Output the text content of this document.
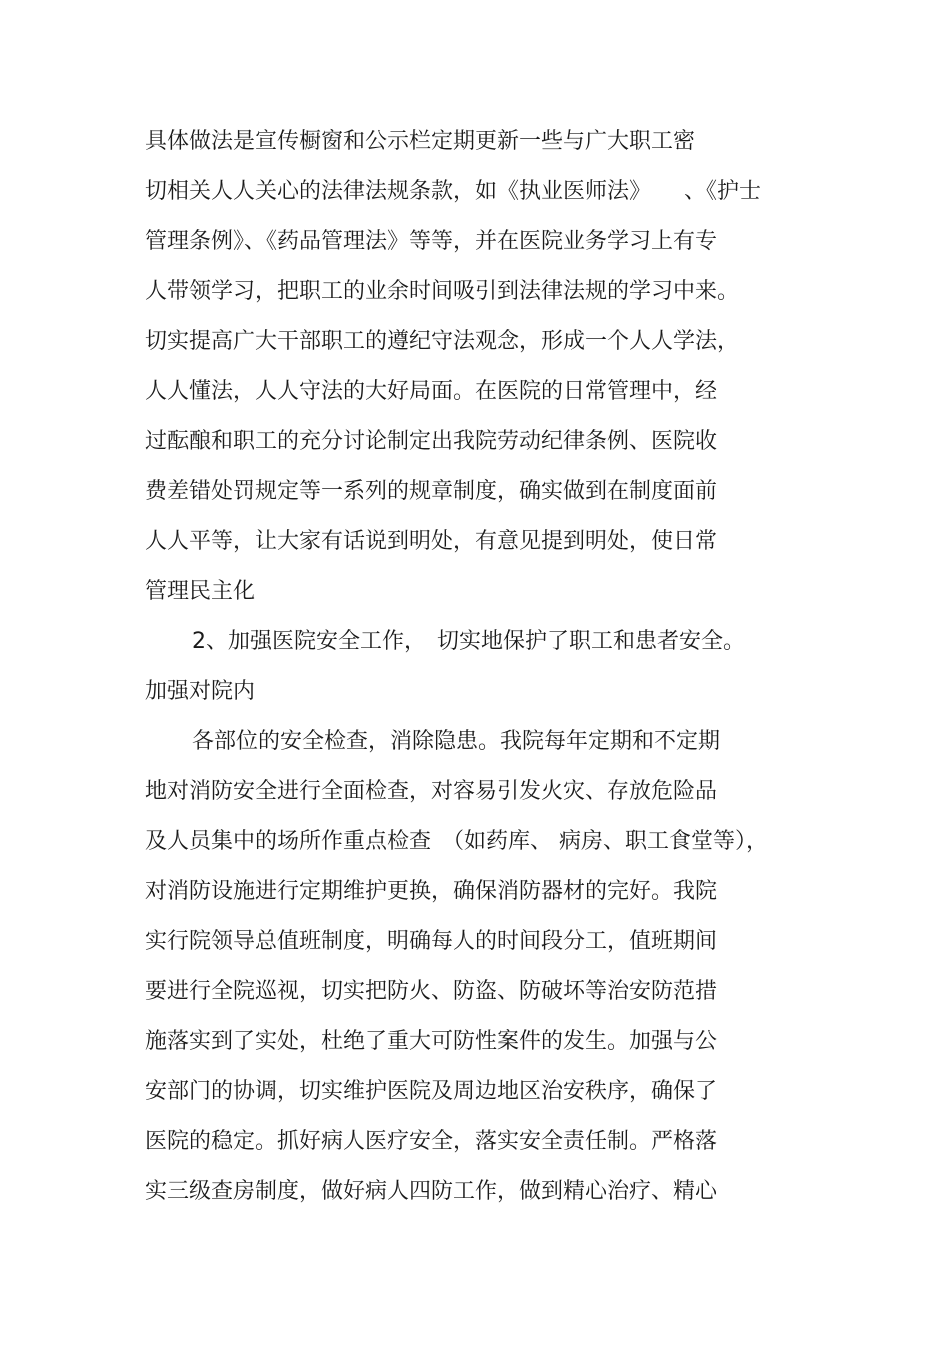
具体做法是宣传橱窗和公示栏定期更新一些与广大职工密
切相关人人关心的法律法规条款，如《执业医师法》　　、《护士
管理条例》、《药品管理法》等等，并在医院业务学习上有专
人带领学习，把职工的业余时间吸引到法律法规的学习中来。
切实提高广大干部职工的遵纪守法观念，形成一个人人学法，
人人懂法，人人守法的大好局面。在医院的日常管理中，经
过酝酿和职工的充分讨论制定出我院劳动纪律条例、医院收
费差错处罚规定等一系列的规章制度，确实做到在制度面前
人人平等，让大家有话说到明处，有意见提到明处，使日常
管理民主化
2、加强医院安全工作，　切实地保护了职工和患者安全。
加强对院内
各部位的安全检查，消除隐患。我院每年定期和不定期
地对消防安全进行全面检查，对容易引发火灾、存放危险品
及人员集中的场所作重点检查　（如药库、 病房、职工食堂等），
对消防设施进行定期维护更换，确保消防器材的完好。我院
实行院领导总值班制度，明确每人的时间段分工，值班期间
要进行全院巡视，切实把防火、防盗、防破坏等治安防范措
施落实到了实处，杜绝了重大可防性案件的发生。加强与公
安部门的协调，切实维护医院及周边地区治安秩序，确保了
医院的稳定。抓好病人医疗安全，落实安全责任制。严格落
实三级查房制度，做好病人四防工作，做到精心治疗、精心
